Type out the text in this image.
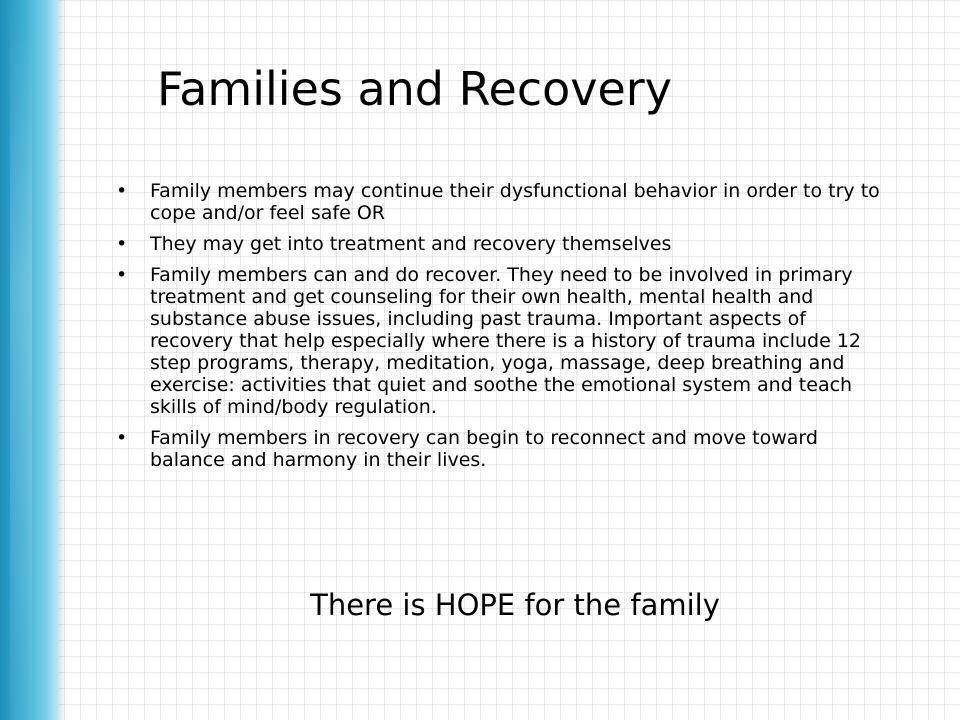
Families and Recovery
• Family members may continue their dysfunctional behavior in order to try to cope and/or feel safe OR
• They may get into treatment and recovery themselves
• Family members can and do recover. They need to be involved in primary treatment and get counseling for their own health, mental health and substance abuse issues, including past trauma. Important aspects of recovery that help especially where there is a history of trauma include 12 step programs, therapy, meditation, yoga, massage, deep breathing and exercise: activities that quiet and soothe the emotional system and teach skills of mind/body regulation.
• Family members in recovery can begin to reconnect and move toward balance and harmony in their lives.

There is HOPE for the family
